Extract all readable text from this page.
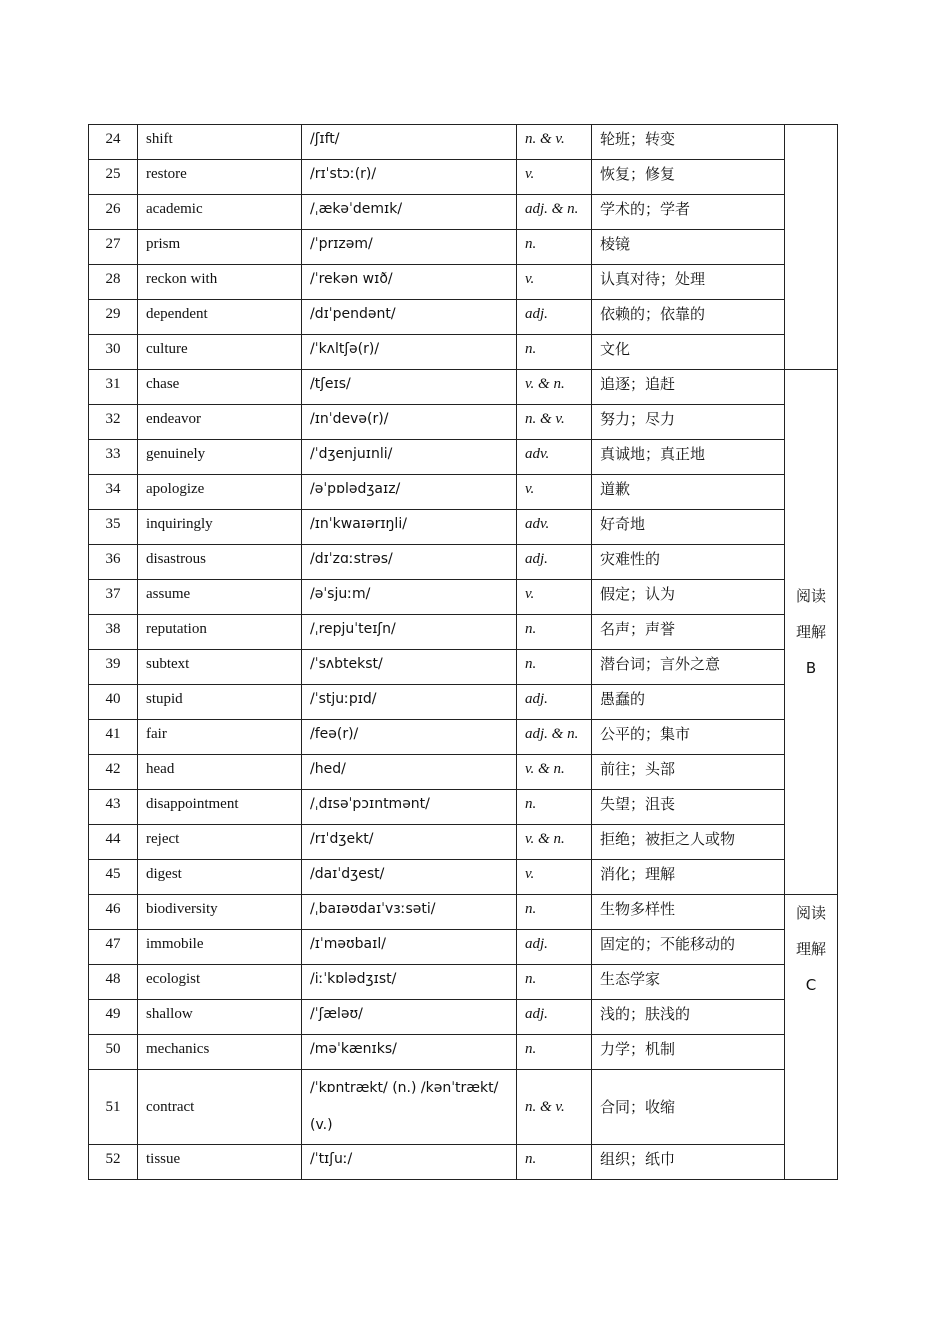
24	shift	/ʃɪft/	n. & v.	轮班；转变	
25	restore	/rɪˈstɔː(r)/	v.	恢复；修复	
26	academic	/ˌækəˈdemɪk/	adj. & n.	学术的；学者	
27	prism	/ˈprɪzəm/	n.	棱镜	
28	reckon with	/ˈrekən wɪð/	v.	认真对待；处理	
29	dependent	/dɪˈpendənt/	adj.	依赖的；依靠的	
30	culture	/ˈkʌltʃə(r)/	n.	文化	
31	chase	/tʃeɪs/	v. & n.	追逐；追赶	阅读
理解
B

32	endeavor	/ɪnˈdevə(r)/	n. & v.	努力；尽力	
33	genuinely	/ˈdʒenjuɪnli/	adv.	真诚地；真正地	
34	apologize	/əˈpɒlədʒaɪz/	v.	道歉	
35	inquiringly	/ɪnˈkwaɪərɪŋli/	adv.	好奇地	
36	disastrous	/dɪˈzɑːstrəs/	adj.	灾难性的	
37	assume	/əˈsjuːm/	v.	假定；认为	
38	reputation	/ˌrepjuˈteɪʃn/	n.	名声；声誉	
39	subtext	/ˈsʌbtekst/	n.	潜台词；言外之意	
40	stupid	/ˈstjuːpɪd/	adj.	愚蠢的	
41	fair	/feə(r)/	adj. & n.	公平的；集市	
42	head	/hed/	v. & n.	前往；头部	
43	disappointment	/ˌdɪsəˈpɔɪntmənt/	n.	失望；沮丧	
44	reject	/rɪˈdʒekt/	v. & n.	拒绝；被拒之人或物	
45	digest	/daɪˈdʒest/	v.	消化；理解	
46	biodiversity	/ˌbaɪəʊdaɪˈvɜːsəti/	n.	生物多样性	阅读
理解
C

47	immobile	/ɪˈməʊbaɪl/	adj.	固定的；不能移动的	
48	ecologist	/iːˈkɒlədʒɪst/	n.	生态学家	
49	shallow	/ˈʃæləʊ/	adj.	浅的；肤浅的	
50	mechanics	/məˈkænɪks/	n.	力学；机制	
51	contract	/ˈkɒntrækt/ (n.) /kənˈtrækt/ (v.)	n. & v.	合同；收缩	
52	tissue	/ˈtɪʃuː/	n.	组织；纸巾	
